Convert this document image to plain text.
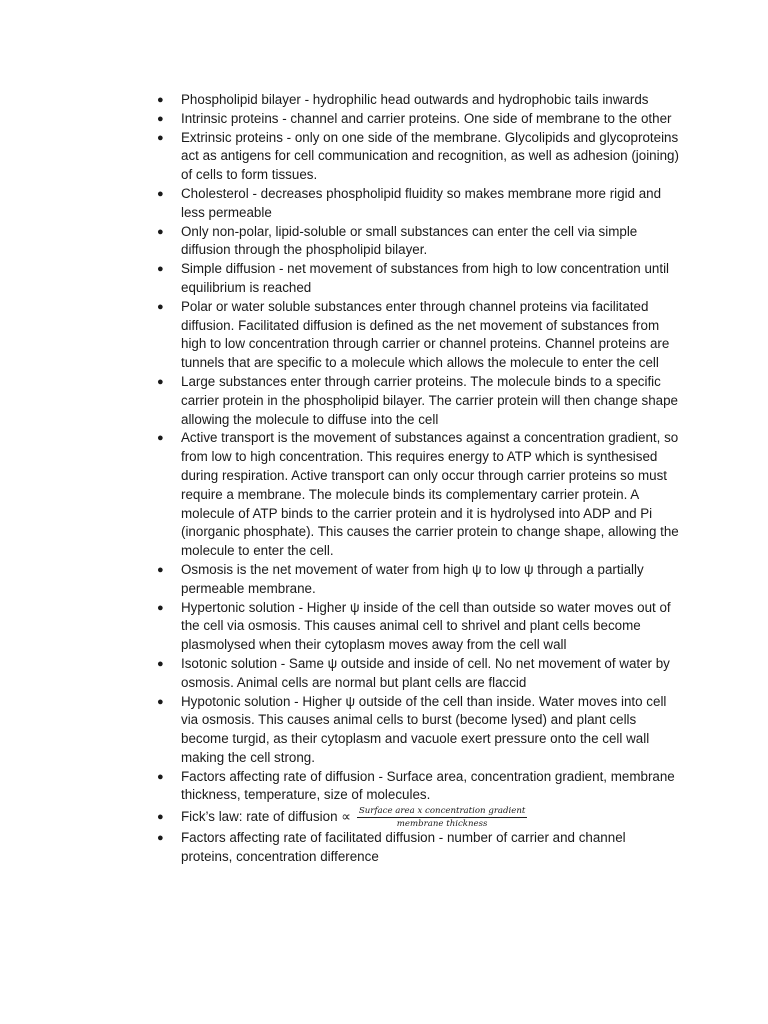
● Phospholipid bilayer - hydrophilic head outwards and hydrophobic tails inwards
● Intrinsic proteins - channel and carrier proteins. One side of membrane to the other
● Extrinsic proteins - only on one side of the membrane. Glycolipids and glycoproteins act as antigens for cell communication and recognition, as well as adhesion (joining) of cells to form tissues.
● Cholesterol - decreases phospholipid fluidity so makes membrane more rigid and less permeable
● Only non-polar, lipid-soluble or small substances can enter the cell via simple diffusion through the phospholipid bilayer.
● Simple diffusion - net movement of substances from high to low concentration until equilibrium is reached
● Polar or water soluble substances enter through channel proteins via facilitated diffusion. Facilitated diffusion is defined as the net movement of substances from high to low concentration through carrier or channel proteins. Channel proteins are tunnels that are specific to a molecule which allows the molecule to enter the cell
● Large substances enter through carrier proteins. The molecule binds to a specific carrier protein in the phospholipid bilayer. The carrier protein will then change shape allowing the molecule to diffuse into the cell
● Active transport is the movement of substances against a concentration gradient, so from low to high concentration. This requires energy to ATP which is synthesised during respiration. Active transport can only occur through carrier proteins so must require a membrane. The molecule binds its complementary carrier protein. A molecule of ATP binds to the carrier protein and it is hydrolysed into ADP and Pi (inorganic phosphate). This causes the carrier protein to change shape, allowing the molecule to enter the cell.
● Osmosis is the net movement of water from high ψ to low ψ through a partially permeable membrane.
● Hypertonic solution - Higher ψ inside of the cell than outside so water moves out of the cell via osmosis. This causes animal cell to shrivel and plant cells become plasmolysed when their cytoplasm moves away from the cell wall
● Isotonic solution - Same ψ outside and inside of cell. No net movement of water by osmosis. Animal cells are normal but plant cells are flaccid
● Hypotonic solution - Higher ψ outside of the cell than inside. Water moves into cell via osmosis. This causes animal cells to burst (become lysed) and plant cells become turgid, as their cytoplasm and vacuole exert pressure onto the cell wall making the cell strong.
● Factors affecting rate of diffusion - Surface area, concentration gradient, membrane thickness, temperature, size of molecules.
● Fick’s law: rate of diffusion ∝ $\frac{\text{Surface area x concentration gradient}}{\text{membrane thickness}}$
● Factors affecting rate of facilitated diffusion - number of carrier and channel proteins, concentration difference
